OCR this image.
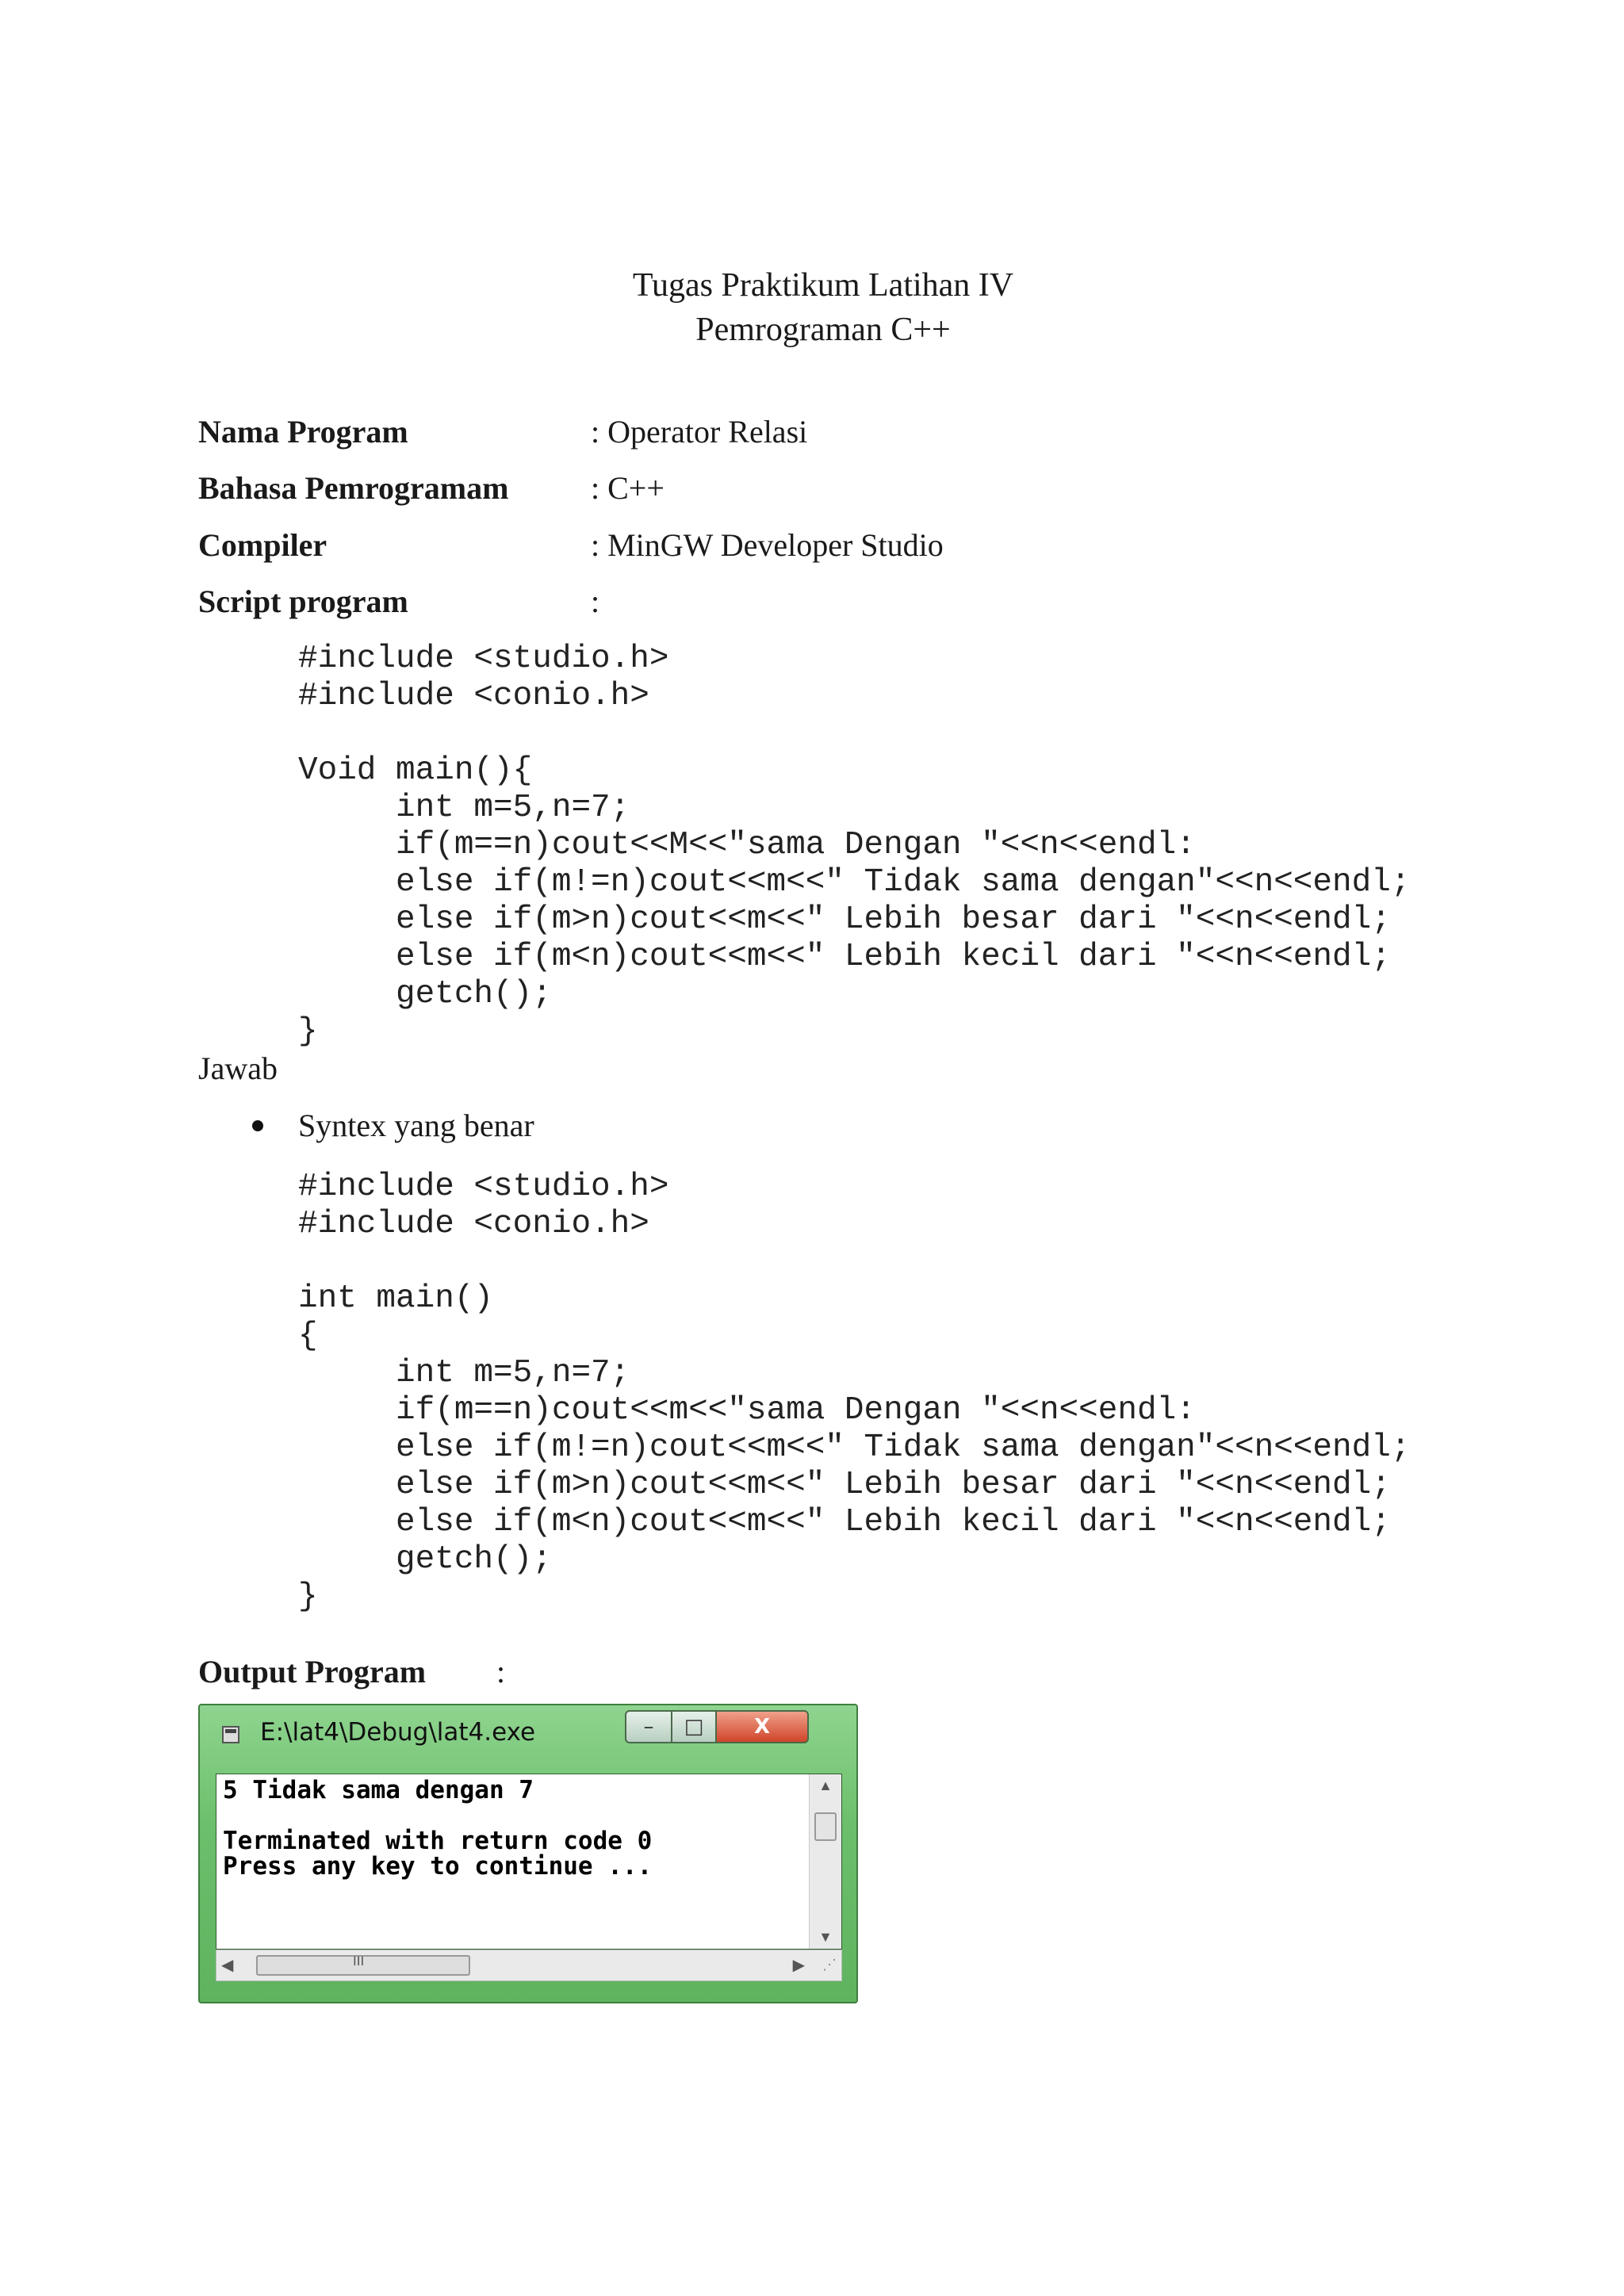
Tugas Praktikum Latihan IV
Pemrograman C++
Nama Program	: Operator Relasi
Bahasa Pemrogramam	: C++
Compiler	: MinGW Developer Studio
Script program	:
#include <studio.h>
#include <conio.h>

Void main(){
int m=5,n=7;
if(m==n)cout<<M<<"sama Dengan "<<n<<endl:
else if(m!=n)cout<<m<<" Tidak sama dengan"<<n<<endl;
else if(m>n)cout<<m<<" Lebih besar dari "<<n<<endl;
else if(m<n)cout<<m<<" Lebih kecil dari "<<n<<endl;
getch();
}
Jawab
Syntex yang benar
#include <studio.h>
#include <conio.h>

int main()
{
int m=5,n=7;
if(m==n)cout<<m<<"sama Dengan "<<n<<endl:
else if(m!=n)cout<<m<<" Tidak sama dengan"<<n<<endl;
else if(m>n)cout<<m<<" Lebih besar dari "<<n<<endl;
else if(m<n)cout<<m<<" Lebih kecil dari "<<n<<endl;
getch();
}
Output Program :
E:\lat4\Debug\lat4.exe	–	□	X
5 Tidak sama dengan 7

Terminated with return code 0
Press any key to continue ...
▲
▼
◀	III	▶ ⋰
